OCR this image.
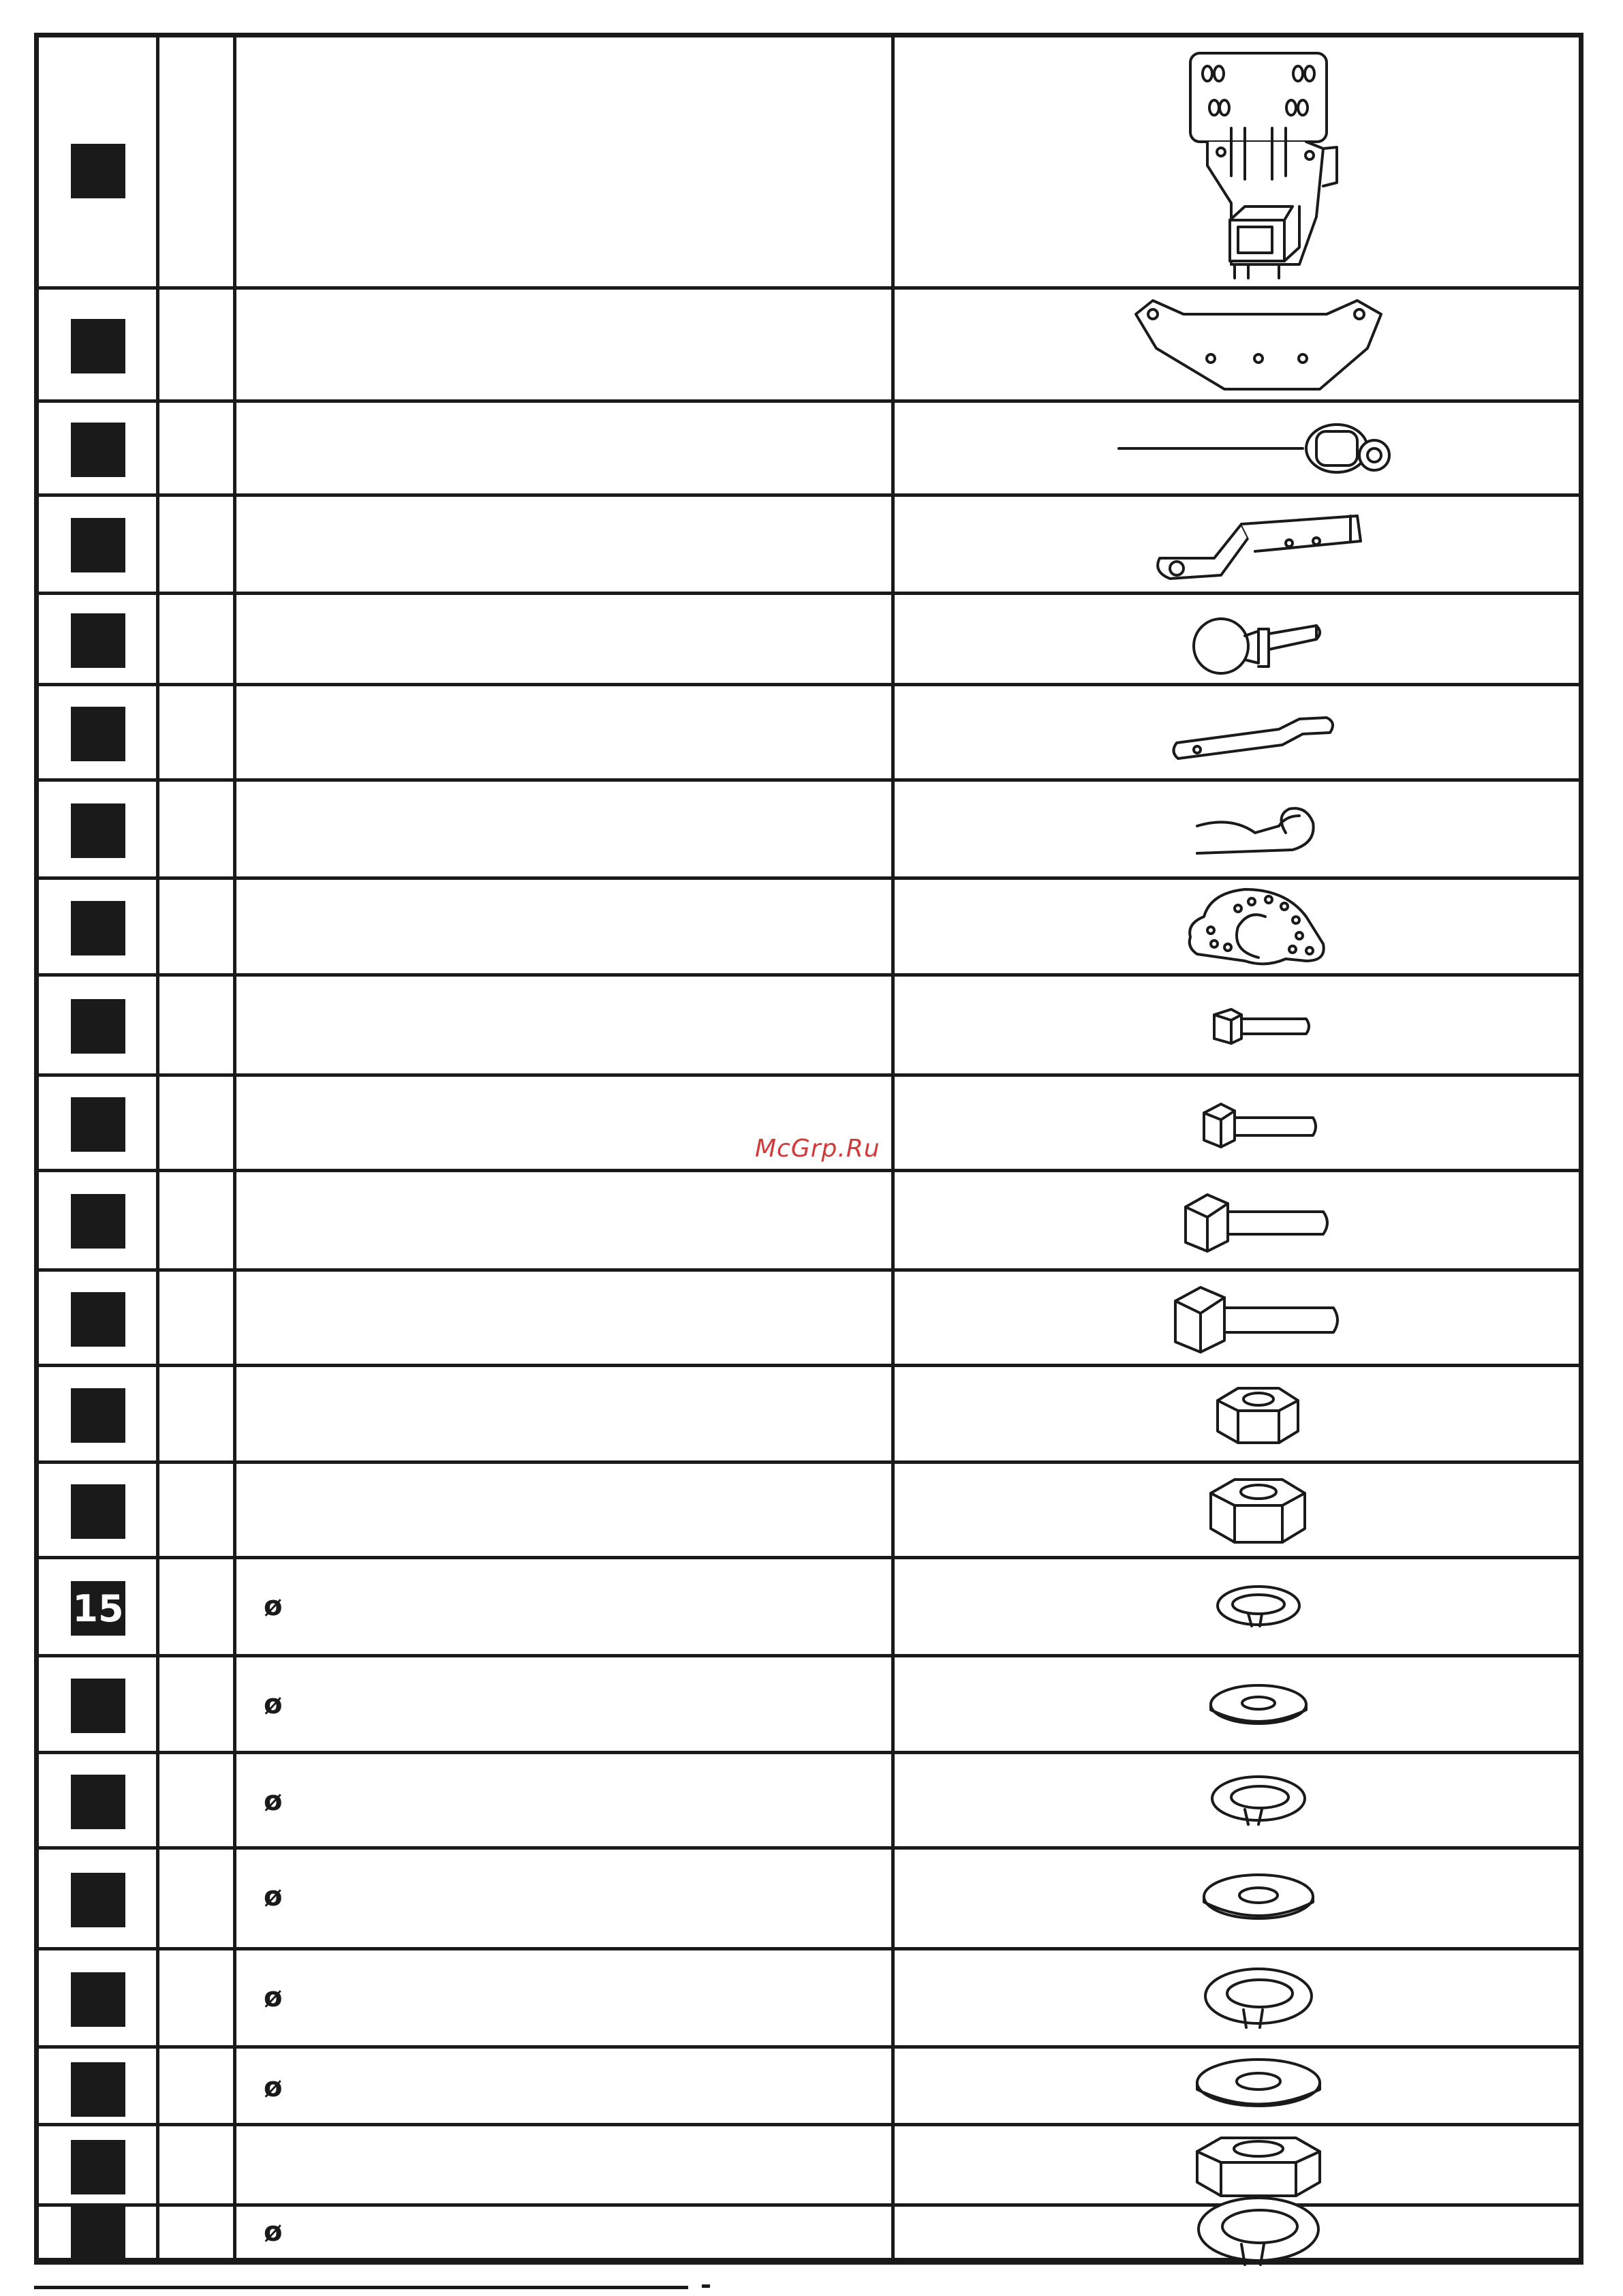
15	ø
ø
ø
ø
ø
ø
ø
McGrp.Ru
